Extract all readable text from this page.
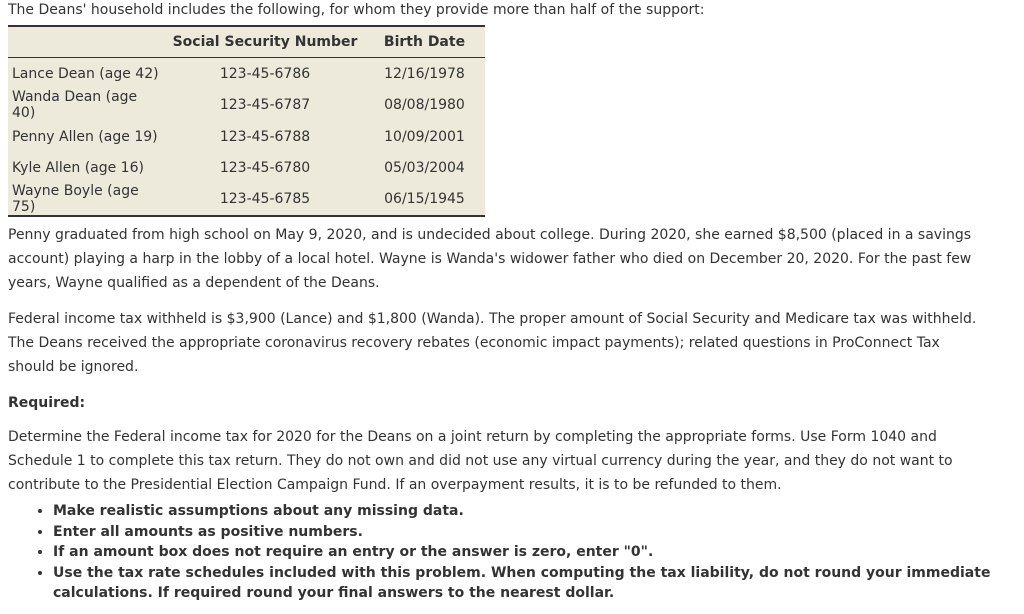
The Deans' household includes the following, for whom they provide more than half of the support:

	Social Security Number	Birth Date
Lance Dean (age 42)	123-45-6786	12/16/1978
Wanda Dean (age 40)	123-45-6787	08/08/1980
Penny Allen (age 19)	123-45-6788	10/09/2001
Kyle Allen (age 16)	123-45-6780	05/03/2004
Wayne Boyle (age 75)	123-45-6785	06/15/1945

Penny graduated from high school on May 9, 2020, and is undecided about college. During 2020, she earned $8,500 (placed in a savings account) playing a harp in the lobby of a local hotel. Wayne is Wanda's widower father who died on December 20, 2020. For the past few years, Wayne qualified as a dependent of the Deans.

Federal income tax withheld is $3,900 (Lance) and $1,800 (Wanda). The proper amount of Social Security and Medicare tax was withheld. The Deans received the appropriate coronavirus recovery rebates (economic impact payments); related questions in ProConnect Tax should be ignored.

Required:

Determine the Federal income tax for 2020 for the Deans on a joint return by completing the appropriate forms. Use Form 1040 and Schedule 1 to complete this tax return. They do not own and did not use any virtual currency during the year, and they do not want to contribute to the Presidential Election Campaign Fund. If an overpayment results, it is to be refunded to them.

• Make realistic assumptions about any missing data.
• Enter all amounts as positive numbers.
• If an amount box does not require an entry or the answer is zero, enter "0".
• Use the tax rate schedules included with this problem. When computing the tax liability, do not round your immediate calculations. If required round your final answers to the nearest dollar.
